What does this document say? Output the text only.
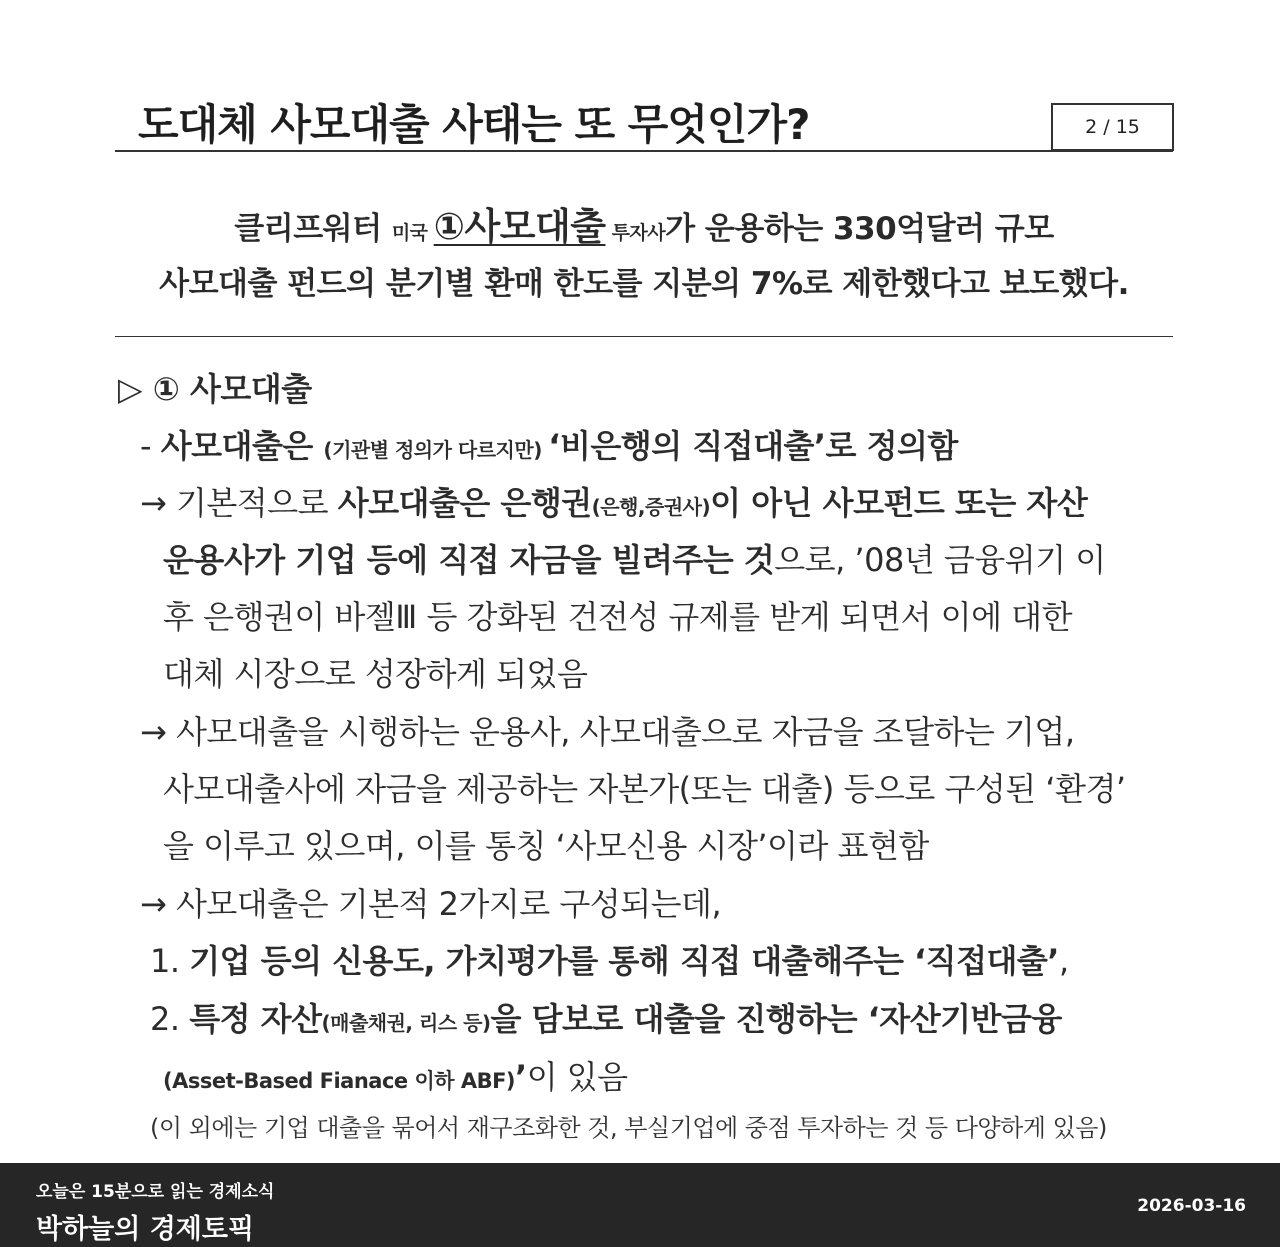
도대체 사모대출 사태는 또 무엇인가?	2 / 15
클리프워터 미국 ①사모대출 투자사가 운용하는 330억달러 규모
사모대출 펀드의 분기별 환매 한도를 지분의 7%로 제한했다고 보도했다.
▷ ① 사모대출
- 사모대출은 (기관별 정의가 다르지만) ‘비은행의 직접대출’로 정의함
→ 기본적으로 사모대출은 은행권(은행,증권사)이 아닌 사모펀드 또는 자산
운용사가 기업 등에 직접 자금을 빌려주는 것으로, ’08년 금융위기 이
후 은행권이 바젤Ⅲ 등 강화된 건전성 규제를 받게 되면서 이에 대한
대체 시장으로 성장하게 되었음
→ 사모대출을 시행하는 운용사, 사모대출으로 자금을 조달하는 기업,
사모대출사에 자금을 제공하는 자본가(또는 대출) 등으로 구성된 ‘환경’
을 이루고 있으며, 이를 통칭 ‘사모신용 시장’이라 표현함
→ 사모대출은 기본적 2가지로 구성되는데,
1. 기업 등의 신용도, 가치평가를 통해 직접 대출해주는 ‘직접대출’,
2. 특정 자산(매출채권, 리스 등)을 담보로 대출을 진행하는 ‘자산기반금융
(Asset-Based Fianace 이하 ABF)’이 있음
(이 외에는 기업 대출을 묶어서 재구조화한 것, 부실기업에 중점 투자하는 것 등 다양하게 있음)
오늘은 15분으로 읽는 경제소식
박하늘의 경제토픽
2026-03-16
